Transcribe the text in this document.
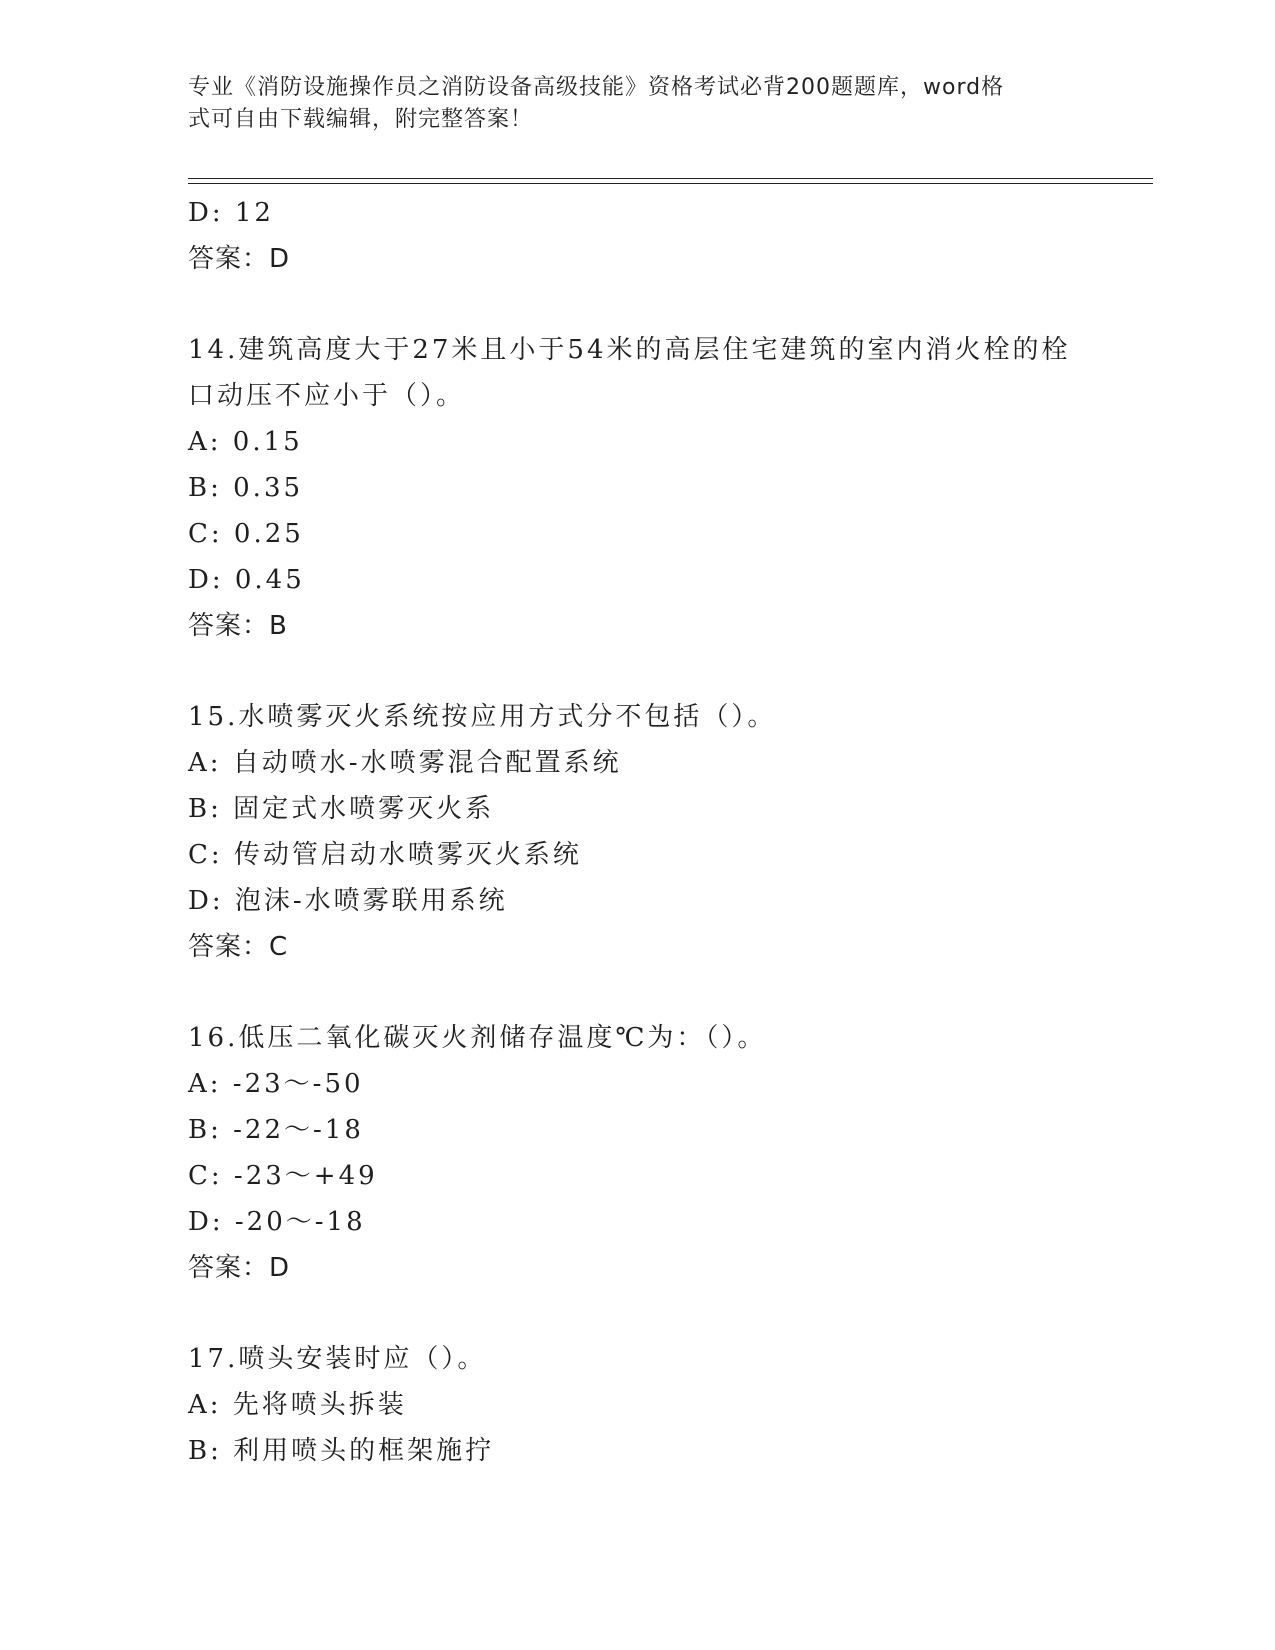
专业《消防设施操作员之消防设备高级技能》资格考试必背200题题库，word格
式可自由下载编辑，附完整答案！
D: 12
答案：D
14.建筑高度大于27米且小于54米的高层住宅建筑的室内消火栓的栓
口动压不应小于（）。
A: 0.15
B: 0.35
C: 0.25
D: 0.45
答案：B
15.水喷雾灭火系统按应用方式分不包括（）。
A: 自动喷水-水喷雾混合配置系统
B: 固定式水喷雾灭火系
C: 传动管启动水喷雾灭火系统
D: 泡沫-水喷雾联用系统
答案：C
16.低压二氧化碳灭火剂储存温度℃为：（）。
A: -23～-50
B: -22～-18
C: -23～+49
D: -20～-18
答案：D
17.喷头安装时应（）。
A: 先将喷头拆装
B: 利用喷头的框架施拧
